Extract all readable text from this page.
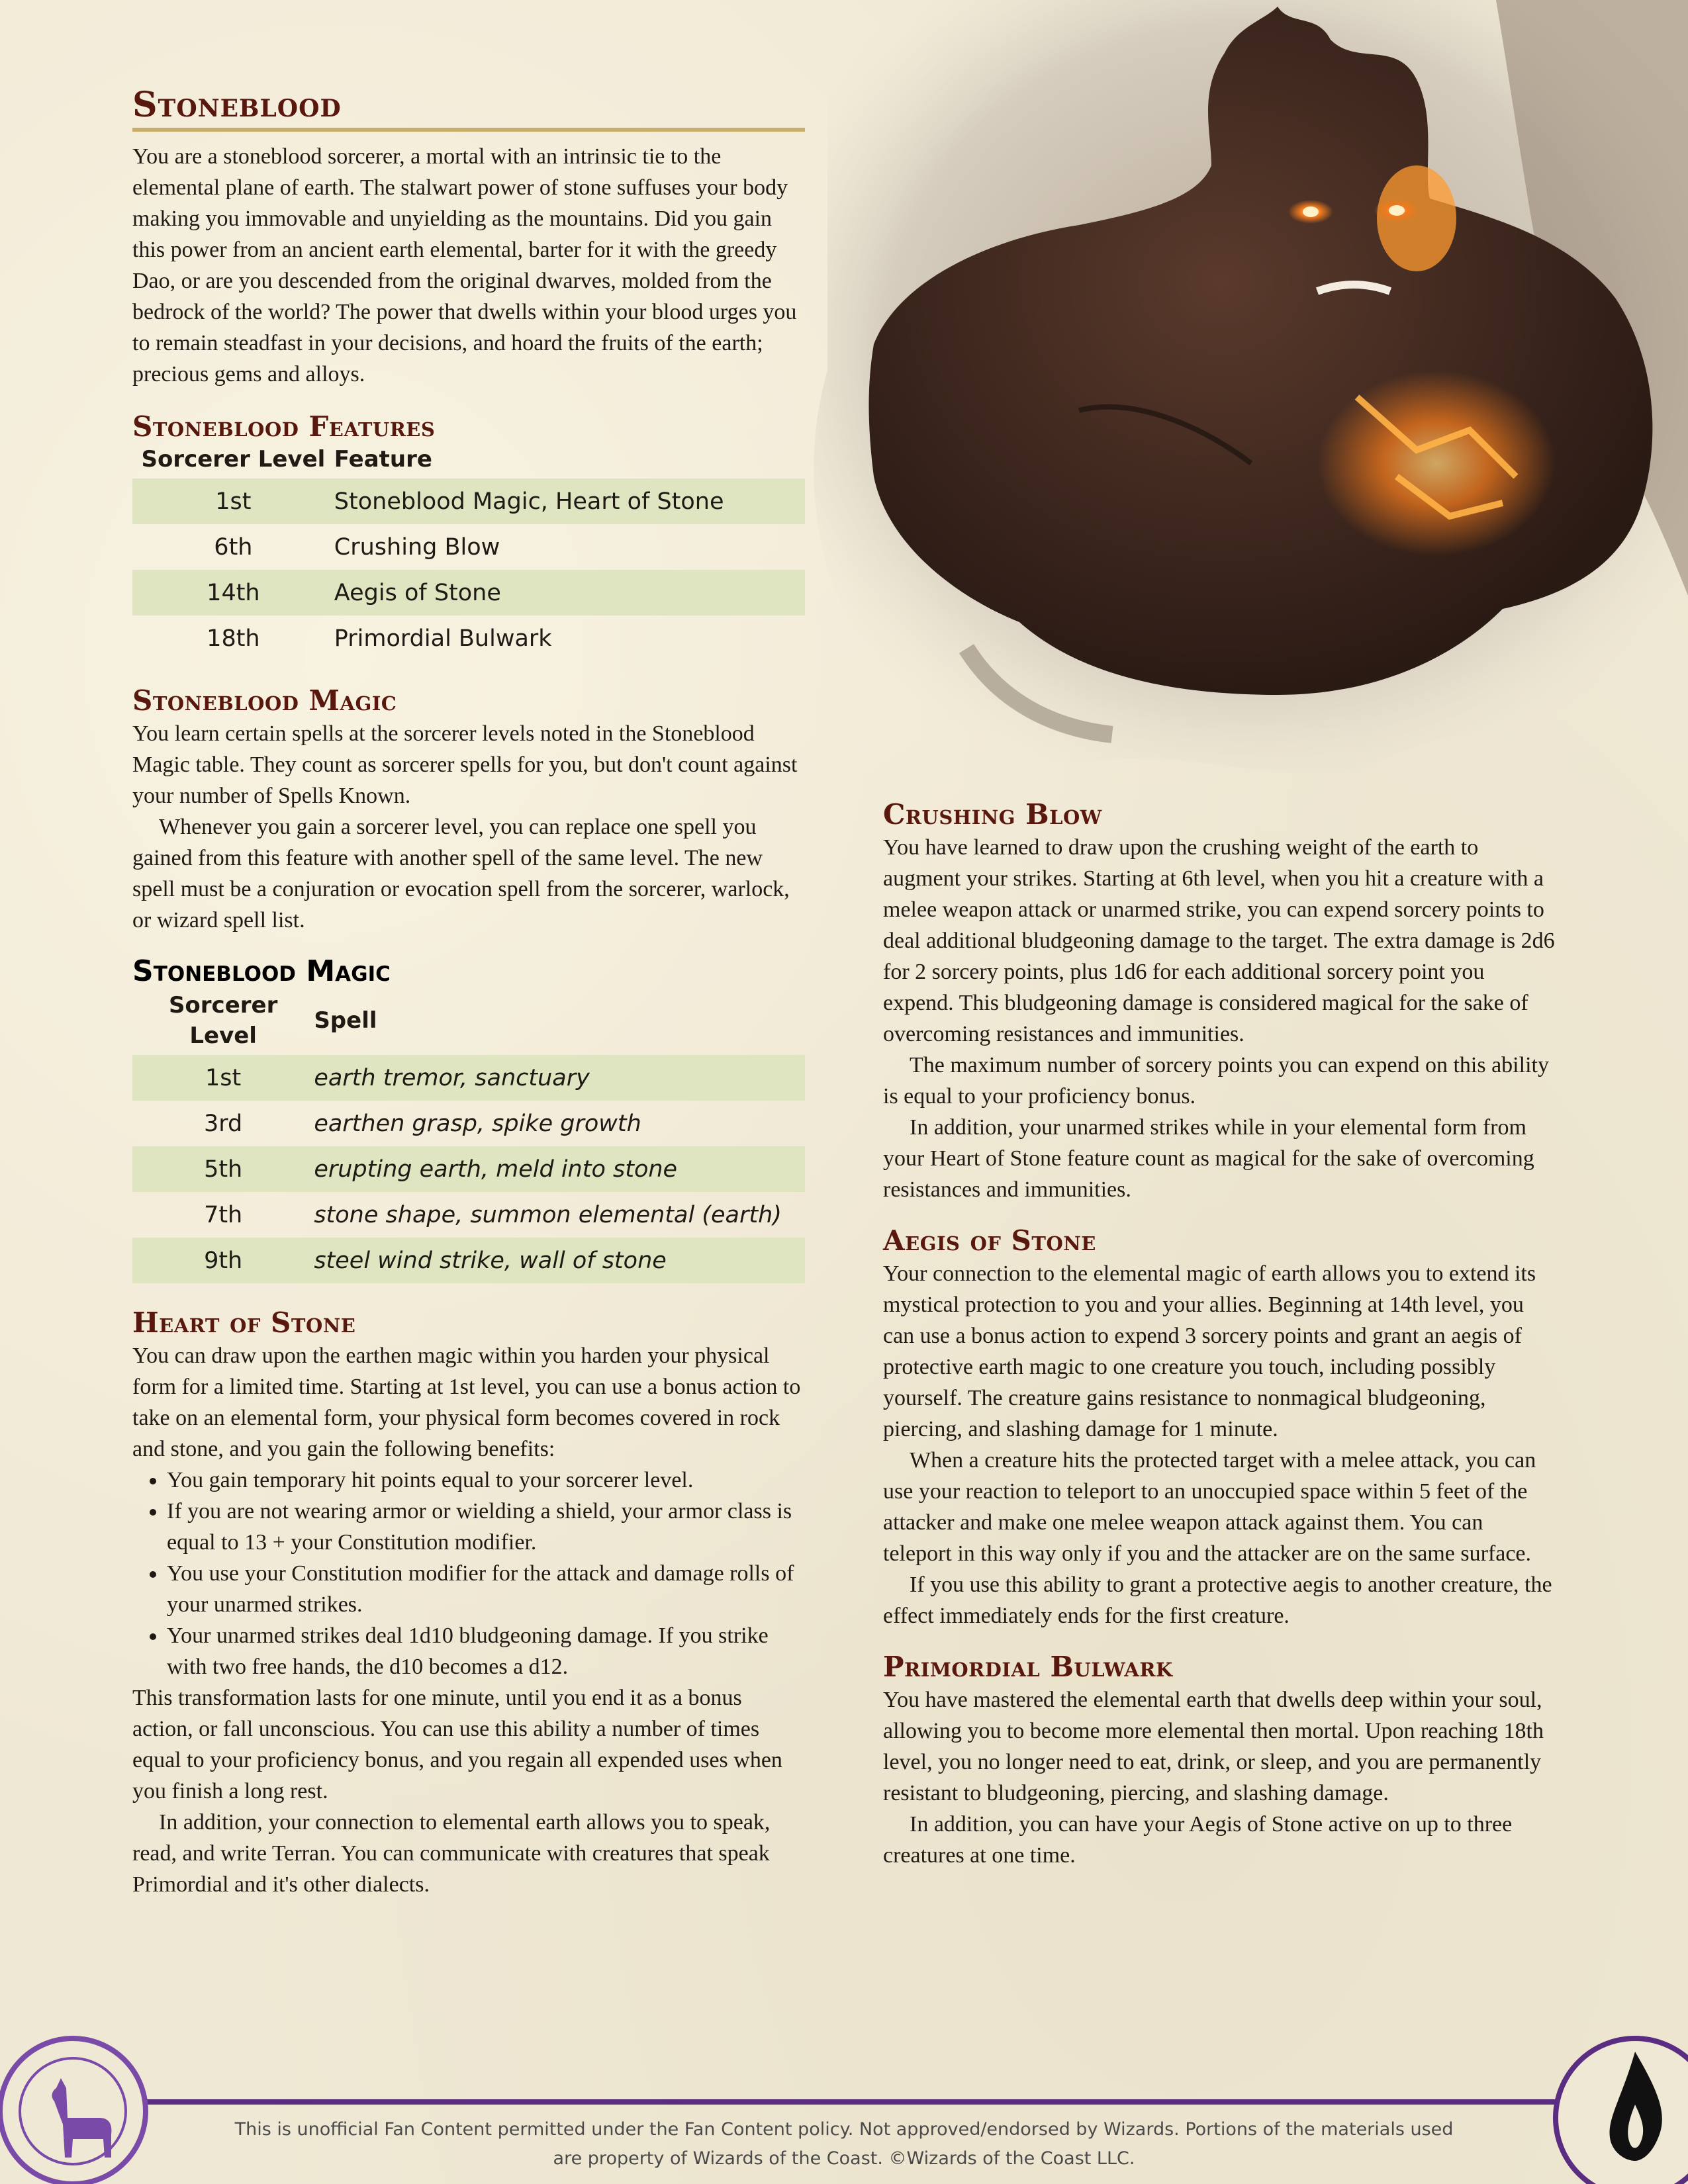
Stoneblood

You are a stoneblood sorcerer, a mortal with an intrinsic tie to the elemental plane of earth. The stalwart power of stone suffuses your body making you immovable and unyielding as the mountains. Did you gain this power from an ancient earth elemental, barter for it with the greedy Dao, or are you descended from the original dwarves, molded from the bedrock of the world? The power that dwells within your blood urges you to remain steadfast in your decisions, and hoard the fruits of the earth; precious gems and alloys.

Stoneblood Features
Sorcerer Level	Feature
1st	Stoneblood Magic, Heart of Stone
6th	Crushing Blow
14th	Aegis of Stone
18th	Primordial Bulwark
Stoneblood Magic

You learn certain spells at the sorcerer levels noted in the Stoneblood Magic table. They count as sorcerer spells for you, but don't count against your number of Spells Known.

Whenever you gain a sorcerer level, you can replace one spell you gained from this feature with another spell of the same level. The new spell must be a conjuration or evocation spell from the sorcerer, warlock, or wizard spell list.

Stoneblood Magic
Sorcerer Level	Spell
1st	earth tremor, sanctuary
3rd	earthen grasp, spike growth
5th	erupting earth, meld into stone
7th	stone shape, summon elemental (earth)
9th	steel wind strike, wall of stone
Heart of Stone

You can draw upon the earthen magic within you harden your physical form for a limited time. Starting at 1st level, you can use a bonus action to take on an elemental form, your physical form becomes covered in rock and stone, and you gain the following benefits:

• You gain temporary hit points equal to your sorcerer level.
• If you are not wearing armor or wielding a shield, your armor class is equal to 13 + your Constitution modifier.
• You use your Constitution modifier for the attack and damage rolls of your unarmed strikes.
• Your unarmed strikes deal 1d10 bludgeoning damage. If you strike with two free hands, the d10 becomes a d12.

This transformation lasts for one minute, until you end it as a bonus action, or fall unconscious. You can use this ability a number of times equal to your proficiency bonus, and you regain all expended uses when you finish a long rest.

In addition, your connection to elemental earth allows you to speak, read, and write Terran. You can communicate with creatures that speak Primordial and it's other dialects.

Crushing Blow

You have learned to draw upon the crushing weight of the earth to augment your strikes. Starting at 6th level, when you hit a creature with a melee weapon attack or unarmed strike, you can expend sorcery points to deal additional bludgeoning damage to the target. The extra damage is 2d6 for 2 sorcery points, plus 1d6 for each additional sorcery point you expend. This bludgeoning damage is considered magical for the sake of overcoming resistances and immunities.

The maximum number of sorcery points you can expend on this ability is equal to your proficiency bonus.

In addition, your unarmed strikes while in your elemental form from your Heart of Stone feature count as magical for the sake of overcoming resistances and immunities.

Aegis of Stone

Your connection to the elemental magic of earth allows you to extend its mystical protection to you and your allies. Beginning at 14th level, you can use a bonus action to expend 3 sorcery points and grant an aegis of protective earth magic to one creature you touch, including possibly yourself. The creature gains resistance to nonmagical bludgeoning, piercing, and slashing damage for 1 minute.

When a creature hits the protected target with a melee attack, you can use your reaction to teleport to an unoccupied space within 5 feet of the attacker and make one melee weapon attack against them. You can teleport in this way only if you and the attacker are on the same surface.

If you use this ability to grant a protective aegis to another creature, the effect immediately ends for the first creature.

Primordial Bulwark

You have mastered the elemental earth that dwells deep within your soul, allowing you to become more elemental then mortal. Upon reaching 18th level, you no longer need to eat, drink, or sleep, and you are permanently resistant to bludgeoning, piercing, and slashing damage.

In addition, you can have your Aegis of Stone active on up to three creatures at one time.

This is unofficial Fan Content permitted under the Fan Content policy. Not approved/endorsed by Wizards. Portions of the materials used
are property of Wizards of the Coast. ©Wizards of the Coast LLC.
